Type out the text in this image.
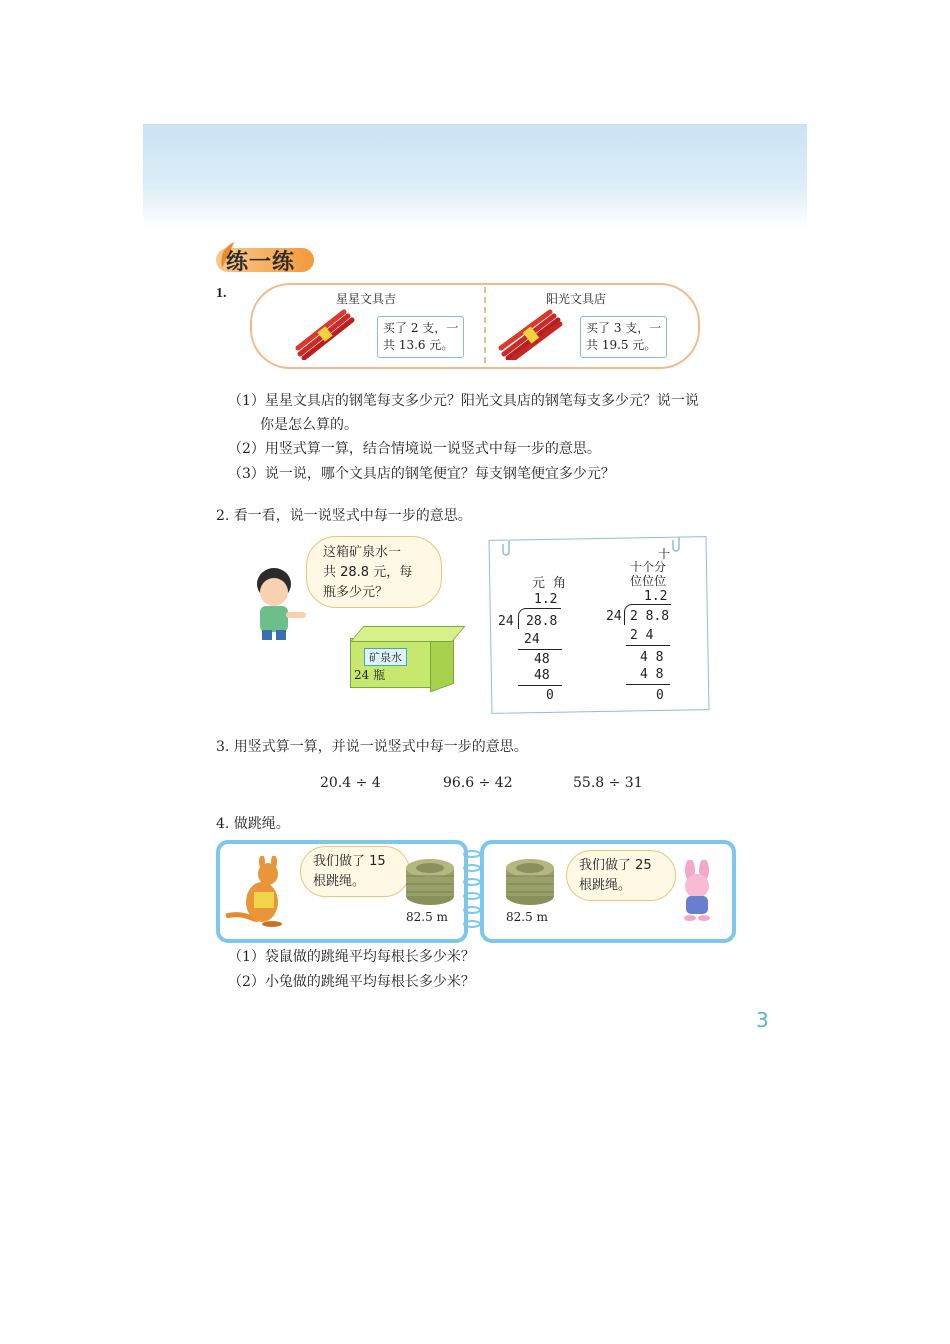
练一练
1.	星星文具吉
买了 2 支，一
共 13.6 元。
阳光文具店
买了 3 支，一
共 19.5 元。
（1）星星文具店的钢笔每支多少元？阳光文具店的钢笔每支多少元？说一说
你是怎么算的。
（2）用竖式算一算，结合情境说一说竖式中每一步的意思。
（3）说一说，哪个文具店的钢笔便宜？每支钢笔便宜多少元？
2. 看一看，说一说竖式中每一步的意思。
这箱矿泉水一
共 28.8 元，每
瓶多少元？
矿泉水
24 瓶
元 角
1.2
24 28.8
24
48
48
0
十
十个分
位位位
1.2
24 2 8.8
2 4
4 8
4 8
0
3. 用竖式算一算，并说一说竖式中每一步的意思。
20.4 ÷ 4	96.6 ÷ 42	55.8 ÷ 31
4. 做跳绳。
我们做了 15
根跳绳。
82.5 m	82.5 m
我们做了 25
根跳绳。
（1）袋鼠做的跳绳平均每根长多少米？
（2）小兔做的跳绳平均每根长多少米？
3
